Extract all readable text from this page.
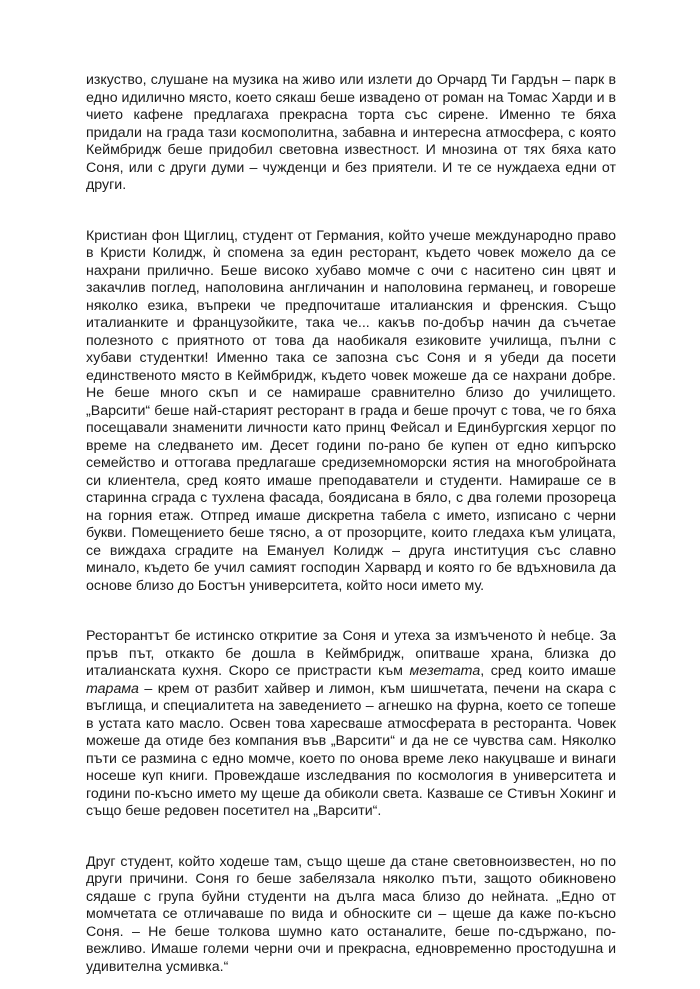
изкуство, слушане на музика на живо или излети до Орчард Ти Гардън – парк в едно идилично място, което сякаш беше извадено от роман на Томас Харди и в чието кафене предлагаха прекрасна торта със сирене. Именно те бяха придали на града тази космополитна, забавна и интересна атмосфера, с която Кеймбридж беше придобил световна известност. И мнозина от тях бяха като Соня, или с други думи – чужденци и без приятели. И те се нуждаеха едни от други.

Кристиан фон Щиглиц, студент от Германия, който учеше международно право в Кристи Колидж, ѝ спомена за един ресторант, където човек можело да се нахрани прилично. Беше високо хубаво момче с очи с наситено син цвят и закачлив поглед, наполовина англичанин и наполовина германец, и говореше няколко езика, въпреки че предпочиташе италианския и френския. Също италианките и французойките, така че... какъв по-добър начин да съчетае полезното с приятното от това да наобикаля езиковите училища, пълни с хубави студентки! Именно така се запозна със Соня и я убеди да посети единственото място в Кеймбридж, където човек можеше да се нахрани добре. Не беше много скъп и се намираше сравнително близо до училището. „Варсити“ беше най-старият ресторант в града и беше прочут с това, че го бяха посещавали знаменити личности като принц Фейсал и Единбургския херцог по време на следването им. Десет години по-рано бе купен от едно кипърско семейство и оттогава предлагаше средиземноморски ястия на многобройната си клиентела, сред която имаше преподаватели и студенти. Намираше се в старинна сграда с тухлена фасада, боядисана в бяло, с два големи прозореца на горния етаж. Отпред имаше дискретна табела с името, изписано с черни букви. Помещението беше тясно, а от прозорците, които гледаха към улицата, се виждаха сградите на Емануел Колидж – друга институция със славно минало, където бе учил самият господин Харвард и която го бе вдъхновила да основе близо до Бостън университета, който носи името му.

Ресторантът бе истинско откритие за Соня и утеха за измъченото ѝ небце. За пръв път, откакто бе дошла в Кеймбридж, опитваше храна, близка до италианската кухня. Скоро се пристрасти към мезетата, сред които имаше тарама – крем от разбит хайвер и лимон, към шишчетата, печени на скара с въглища, и специалитета на заведението – агнешко на фурна, което се топеше в устата като масло. Освен това харесваше атмосферата в ресторанта. Човек можеше да отиде без компания във „Варсити“ и да не се чувства сам. Няколко пъти се размина с едно момче, което по онова време леко накуцваше и винаги носеше куп книги. Провеждаше изследвания по космология в университета и години по-късно името му щеше да обиколи света. Казваше се Стивън Хокинг и също беше редовен посетител на „Варсити“.

Друг студент, който ходеше там, също щеше да стане световноизвестен, но по други причини. Соня го беше забелязала няколко пъти, защото обикновено сядаше с група буйни студенти на дълга маса близо до нейната. „Едно от момчетата се отличаваше по вида и обноските си – щеше да каже по-късно Соня. – Не беше толкова шумно като останалите, беше по-сдържано, по-вежливо. Имаше големи черни очи и прекрасна, едновременно простодушна и удивителна усмивка.“
